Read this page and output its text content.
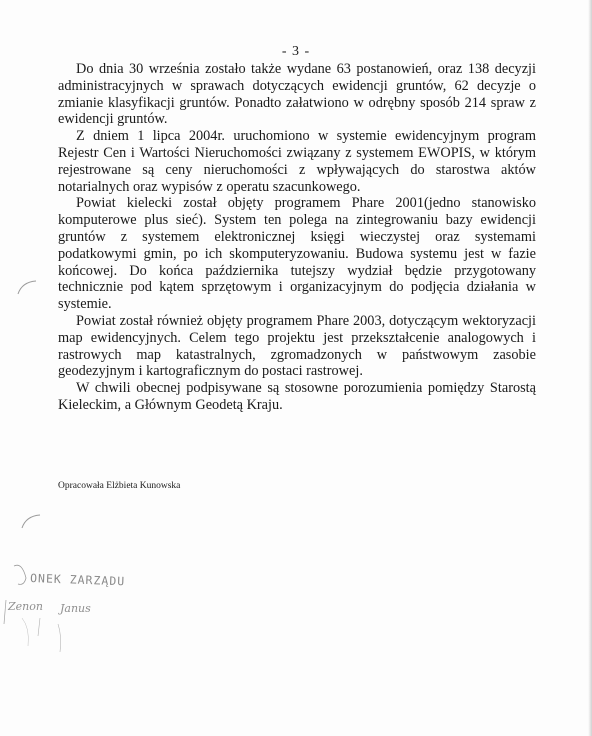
- 3 -

Do dnia 30 września zostało także wydane 63 postanowień, oraz 138 decyzji administracyjnych w sprawach dotyczących ewidencji gruntów, 62 decyzje o zmianie klasyfikacji gruntów. Ponadto załatwiono w odrębny sposób 214 spraw z ewidencji gruntów.

Z dniem 1 lipca 2004r. uruchomiono w systemie ewidencyjnym program Rejestr Cen i Wartości Nieruchomości związany z systemem EWOPIS, w którym rejestrowane są ceny nieruchomości z wpływających do starostwa aktów notarialnych oraz wypisów z operatu szacunkowego.

Powiat kielecki został objęty programem Phare 2001(jedno stanowisko komputerowe plus sieć). System ten polega na zintegrowaniu bazy ewidencji gruntów z systemem elektronicznej księgi wieczystej oraz systemami podatkowymi gmin, po ich skomputeryzowaniu. Budowa systemu jest w fazie końcowej. Do końca października tutejszy wydział będzie przygotowany technicznie pod kątem sprzętowym i organizacyjnym do podjęcia działania w systemie.

Powiat został również objęty programem Phare 2003, dotyczącym wektoryzacji map ewidencyjnych. Celem tego projektu jest przekształcenie analogowych i rastrowych map katastralnych, zgromadzonych w państwowym zasobie geodezyjnym i kartograficznym do postaci rastrowej.

W chwili obecnej podpisywane są stosowne porozumienia pomiędzy Starostą Kieleckim, a Głównym Geodetą Kraju.

Opracowała Elżbieta Kunowska
ONEK ZARZĄDU
Zenon Janus
